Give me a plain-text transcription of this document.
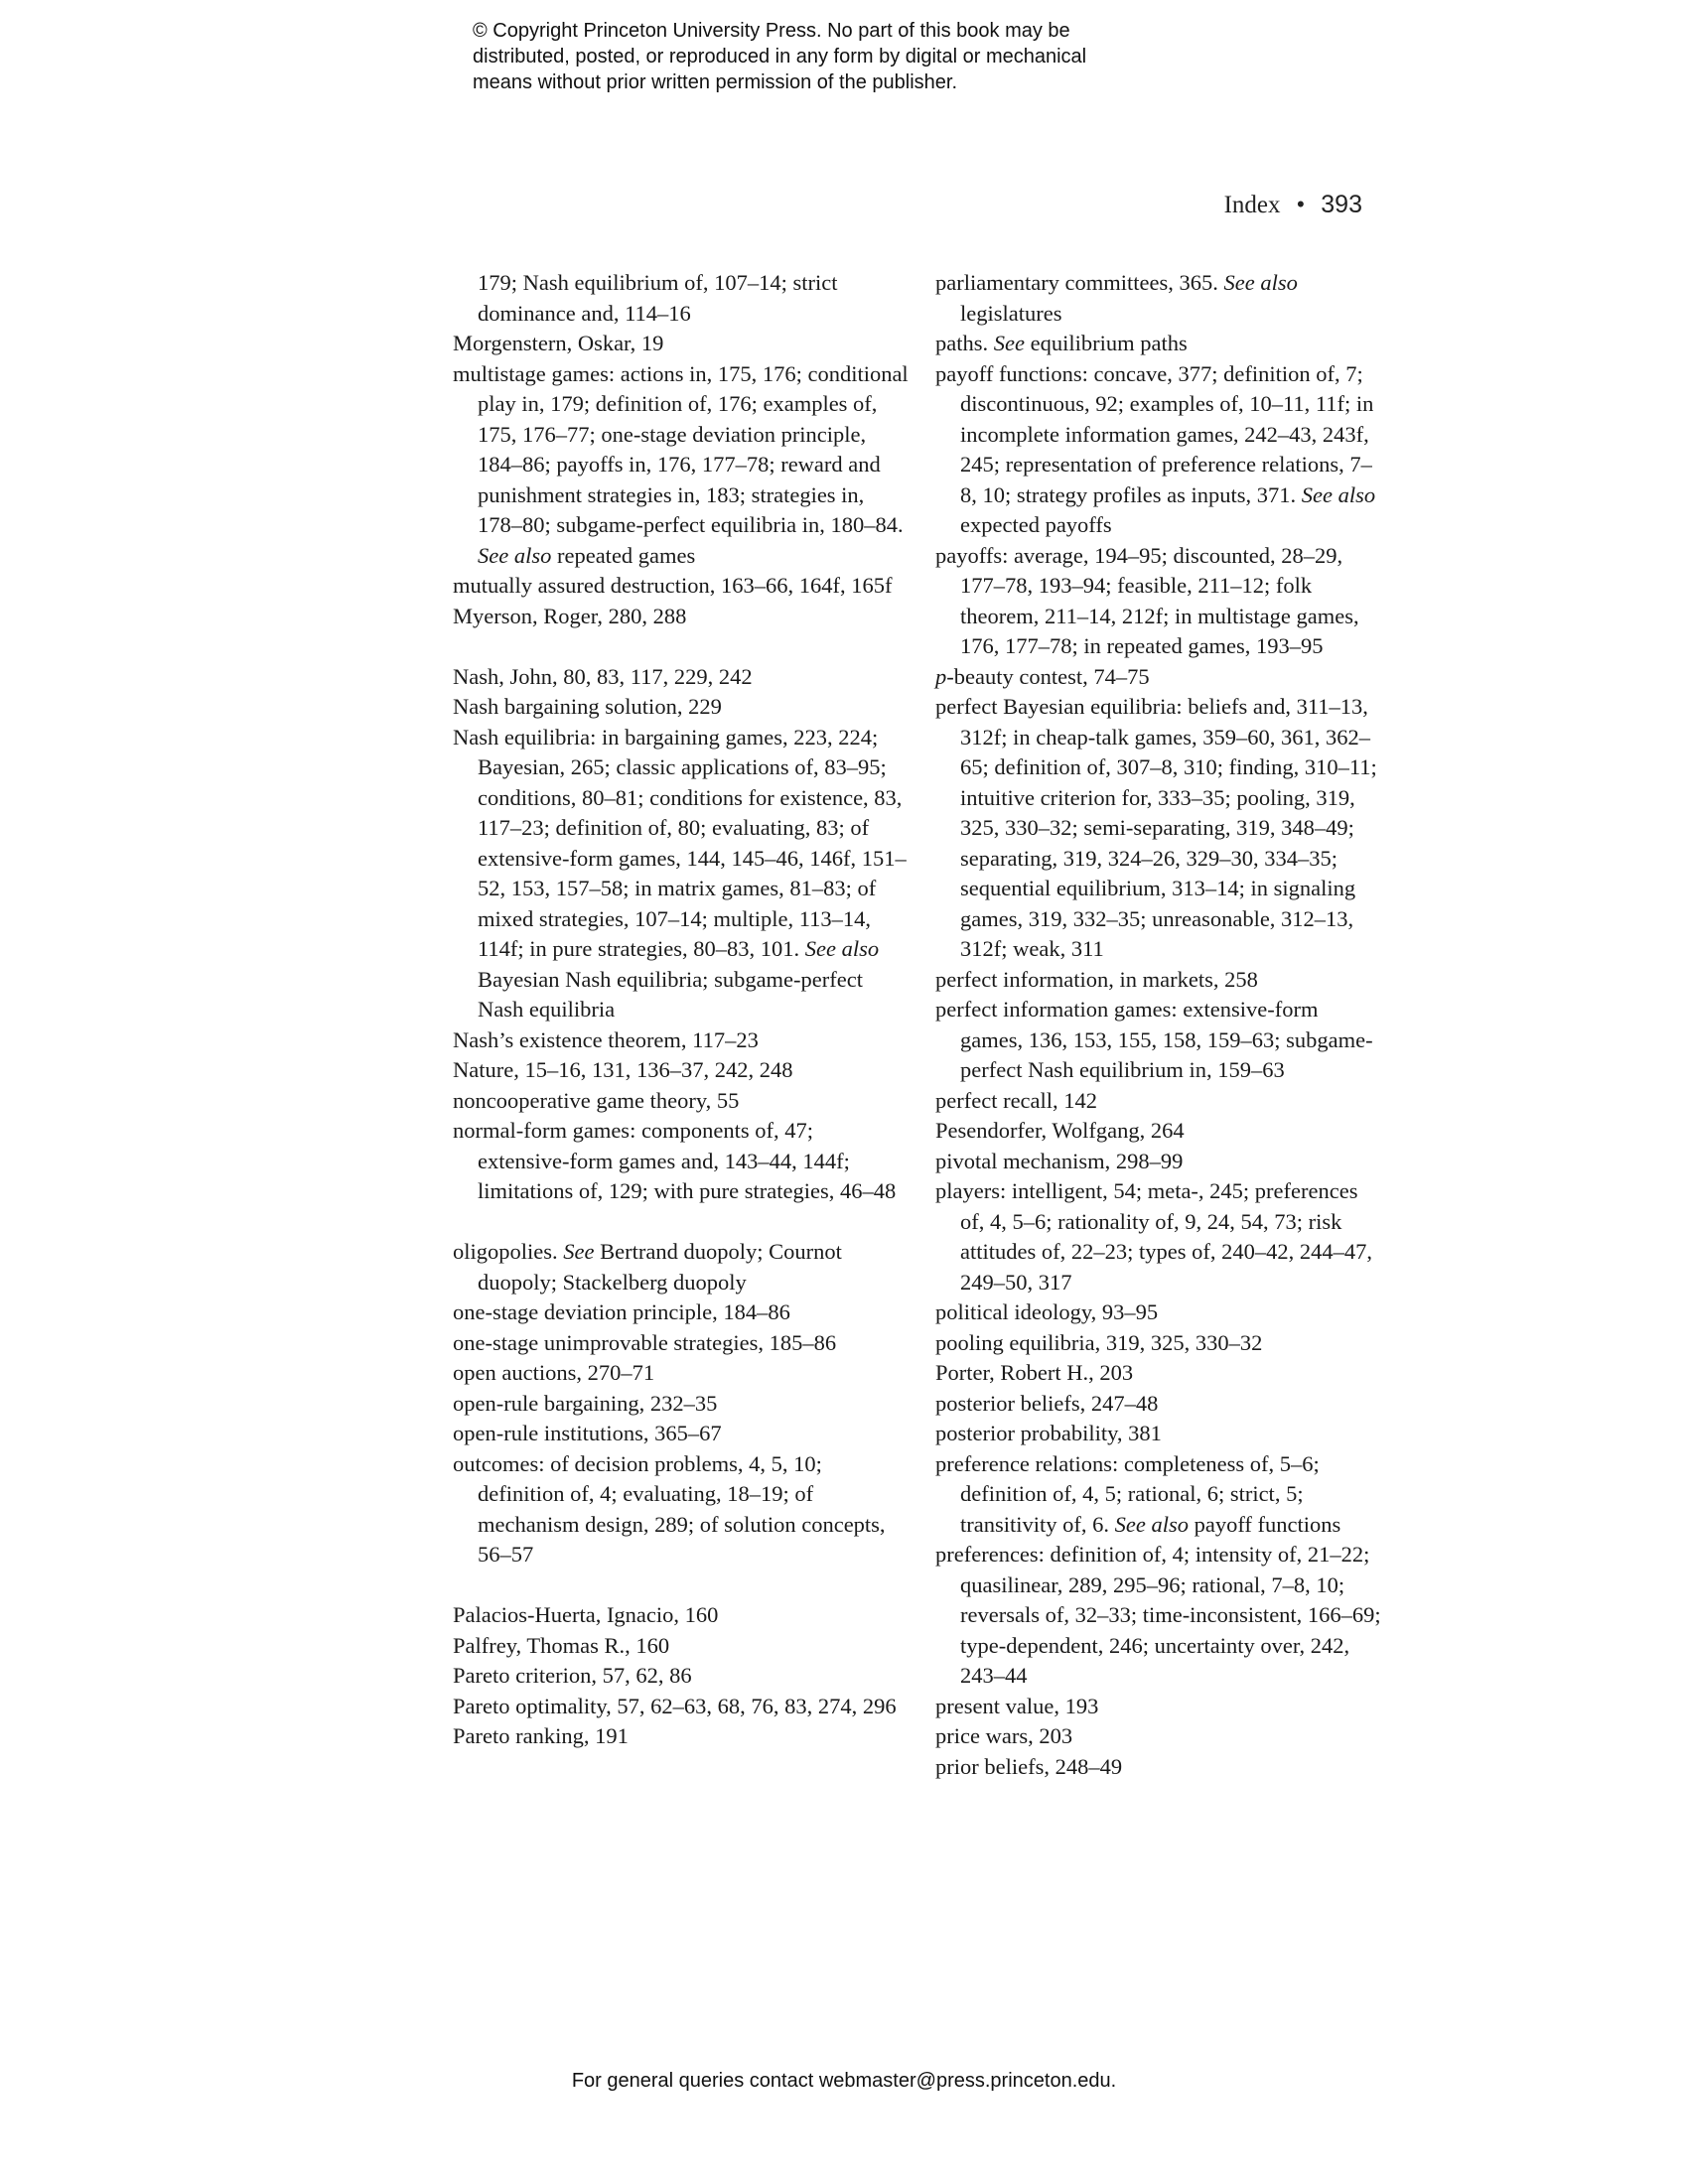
© Copyright Princeton University Press. No part of this book may be
distributed, posted, or reproduced in any form by digital or mechanical
means without prior written permission of the publisher.
Index • 393
179; Nash equilibrium of, 107–14; strict dominance and, 114–16
Morgenstern, Oskar, 19
multistage games: actions in, 175, 176; conditional play in, 179; definition of, 176; examples of, 175, 176–77; one-stage deviation principle, 184–86; payoffs in, 176, 177–78; reward and punishment strategies in, 183; strategies in, 178–80; subgame-perfect equilibria in, 180–84. See also repeated games
mutually assured destruction, 163–66, 164f, 165f
Myerson, Roger, 280, 288
Nash, John, 80, 83, 117, 229, 242
Nash bargaining solution, 229
Nash equilibria: in bargaining games, 223, 224; Bayesian, 265; classic applications of, 83–95; conditions, 80–81; conditions for existence, 83, 117–23; definition of, 80; evaluating, 83; of extensive-form games, 144, 145–46, 146f, 151–52, 153, 157–58; in matrix games, 81–83; of mixed strategies, 107–14; multiple, 113–14, 114f; in pure strategies, 80–83, 101. See also Bayesian Nash equilibria; subgame-perfect Nash equilibria
Nash’s existence theorem, 117–23
Nature, 15–16, 131, 136–37, 242, 248
noncooperative game theory, 55
normal-form games: components of, 47; extensive-form games and, 143–44, 144f; limitations of, 129; with pure strategies, 46–48
oligopolies. See Bertrand duopoly; Cournot duopoly; Stackelberg duopoly
one-stage deviation principle, 184–86
one-stage unimprovable strategies, 185–86
open auctions, 270–71
open-rule bargaining, 232–35
open-rule institutions, 365–67
outcomes: of decision problems, 4, 5, 10; definition of, 4; evaluating, 18–19; of mechanism design, 289; of solution concepts, 56–57
Palacios-Huerta, Ignacio, 160
Palfrey, Thomas R., 160
Pareto criterion, 57, 62, 86
Pareto optimality, 57, 62–63, 68, 76, 83, 274, 296
Pareto ranking, 191
parliamentary committees, 365. See also legislatures
paths. See equilibrium paths
payoff functions: concave, 377; definition of, 7; discontinuous, 92; examples of, 10–11, 11f; in incomplete information games, 242–43, 243f, 245; representation of preference relations, 7–8, 10; strategy profiles as inputs, 371. See also expected payoffs
payoffs: average, 194–95; discounted, 28–29, 177–78, 193–94; feasible, 211–12; folk theorem, 211–14, 212f; in multistage games, 176, 177–78; in repeated games, 193–95
p-beauty contest, 74–75
perfect Bayesian equilibria: beliefs and, 311–13, 312f; in cheap-talk games, 359–60, 361, 362–65; definition of, 307–8, 310; finding, 310–11; intuitive criterion for, 333–35; pooling, 319, 325, 330–32; semi-separating, 319, 348–49; separating, 319, 324–26, 329–30, 334–35; sequential equilibrium, 313–14; in signaling games, 319, 332–35; unreasonable, 312–13, 312f; weak, 311
perfect information, in markets, 258
perfect information games: extensive-form games, 136, 153, 155, 158, 159–63; subgame-perfect Nash equilibrium in, 159–63
perfect recall, 142
Pesendorfer, Wolfgang, 264
pivotal mechanism, 298–99
players: intelligent, 54; meta-, 245; preferences of, 4, 5–6; rationality of, 9, 24, 54, 73; risk attitudes of, 22–23; types of, 240–42, 244–47, 249–50, 317
political ideology, 93–95
pooling equilibria, 319, 325, 330–32
Porter, Robert H., 203
posterior beliefs, 247–48
posterior probability, 381
preference relations: completeness of, 5–6; definition of, 4, 5; rational, 6; strict, 5; transitivity of, 6. See also payoff functions
preferences: definition of, 4; intensity of, 21–22; quasilinear, 289, 295–96; rational, 7–8, 10; reversals of, 32–33; time-inconsistent, 166–69; type-dependent, 246; uncertainty over, 242, 243–44
present value, 193
price wars, 203
prior beliefs, 248–49
For general queries contact webmaster@press.princeton.edu.
